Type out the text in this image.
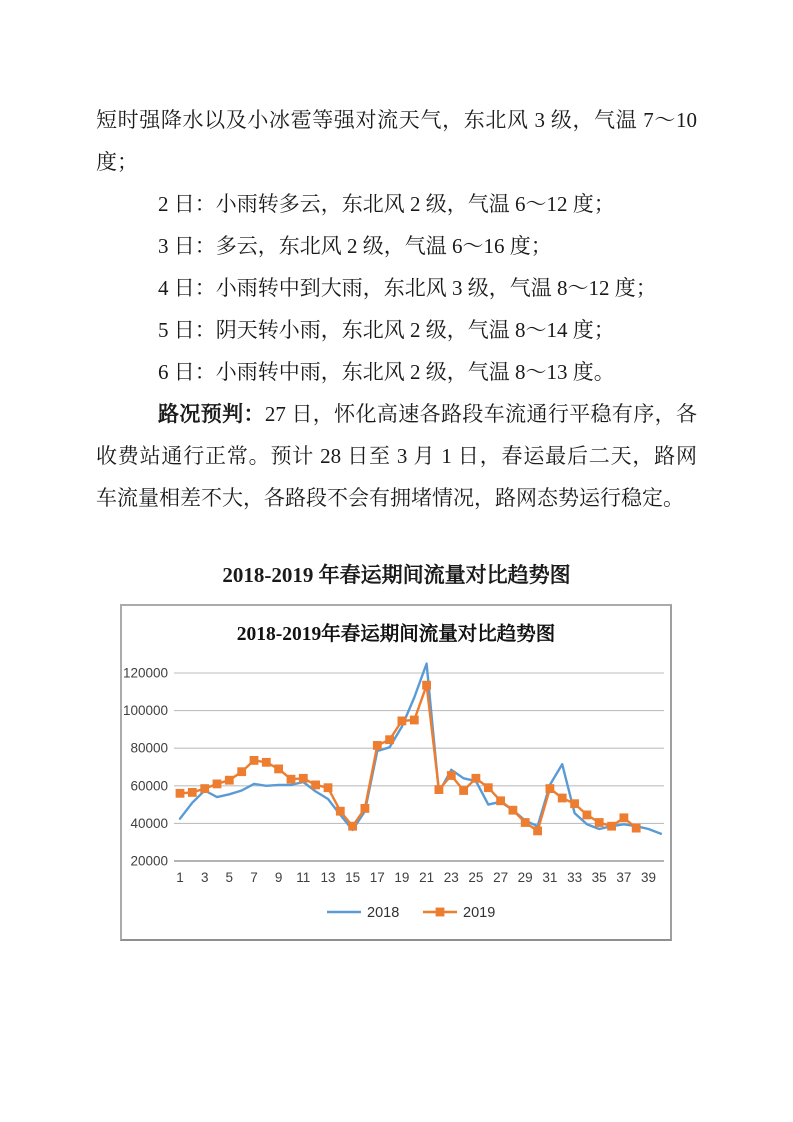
短时强降水以及小冰雹等强对流天气，东北风 3 级，气温 7～10
度；
2 日：小雨转多云，东北风 2 级，气温 6～12 度；
3 日：多云，东北风 2 级，气温 6～16 度；
4 日：小雨转中到大雨，东北风 3 级，气温 8～12 度；
5 日：阴天转小雨，东北风 2 级，气温 8～14 度；
6 日：小雨转中雨，东北风 2 级，气温 8～13 度。
路况预判：27 日，怀化高速各路段车流通行平稳有序，各
收费站通行正常。预计 28 日至 3 月 1 日，春运最后二天，路网
车流量相差不大，各路段不会有拥堵情况，路网态势运行稳定。
2018-2019 年春运期间流量对比趋势图
20000
40000
60000
80000
100000
120000
1 3 5 7 9 11 13 15 17 19 21 23 25 27 29 31 33 35 37 39
2018-2019年春运期间流量对比趋势图
2018	2019
